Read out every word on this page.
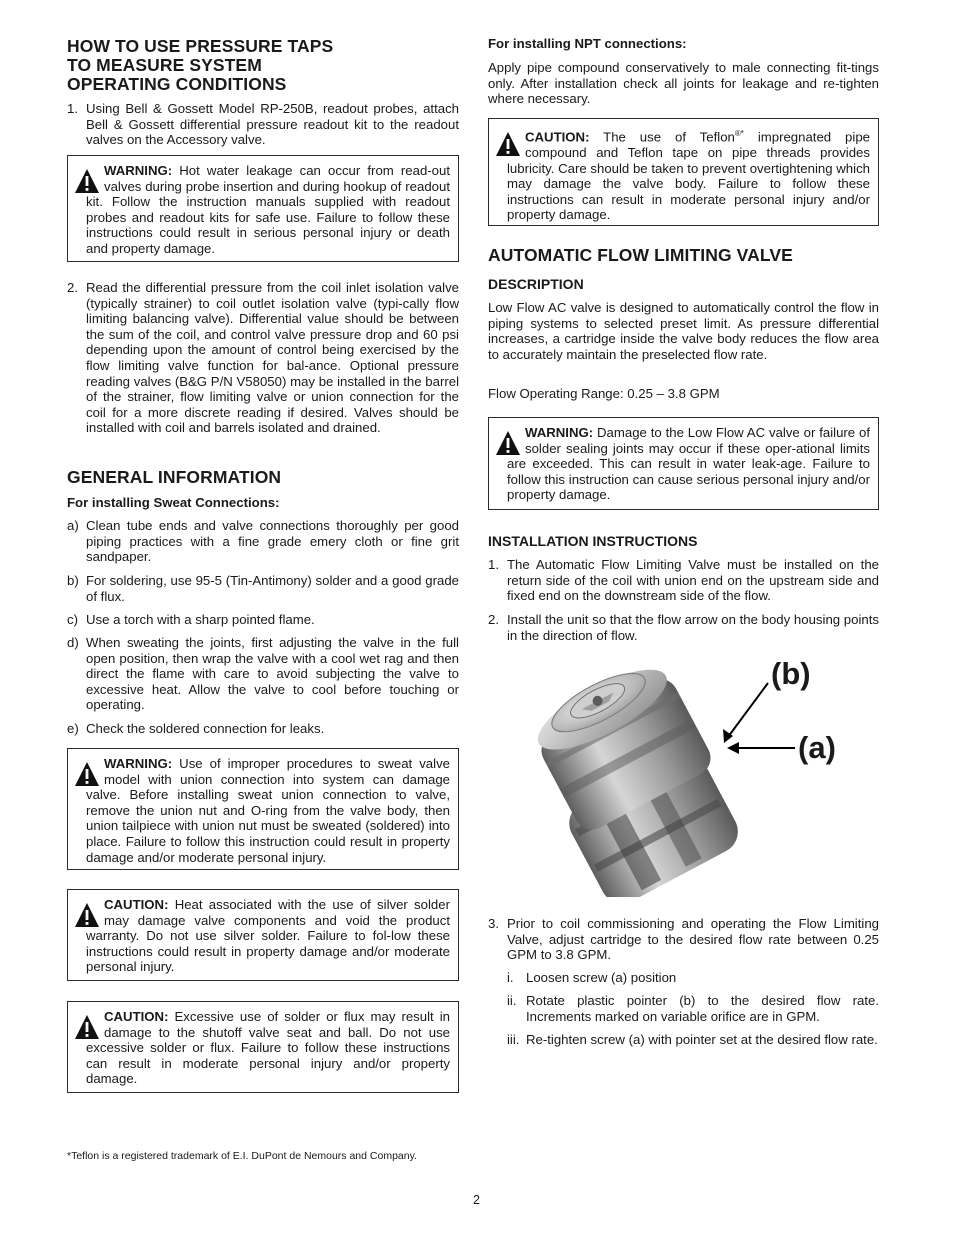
HOW TO USE PRESSURE TAPS
TO MEASURE SYSTEM
OPERATING CONDITIONS
1. Using Bell & Gossett Model RP-250B, readout probes, attach Bell & Gossett differential pressure readout kit to the readout valves on the Accessory valve.
WARNING: Hot water leakage can occur from read-out valves during probe insertion and during hookup of readout kit. Follow the instruction manuals supplied with readout probes and readout kits for safe use. Failure to follow these instructions could result in serious personal injury or death and property damage.
2. Read the differential pressure from the coil inlet isolation valve (typically strainer) to coil outlet isolation valve (typi-cally flow limiting balancing valve). Differential value should be between the sum of the coil, and control valve pressure drop and 60 psi depending upon the amount of control being exercised by the flow limiting valve function for bal-ance. Optional pressure reading valves (B&G P/N V58050) may be installed in the barrel of the strainer, flow limiting valve or union connection for the coil for a more discrete reading if desired. Valves should be installed with coil and barrels isolated and drained.
GENERAL INFORMATION
For installing Sweat Connections:
a) Clean tube ends and valve connections thoroughly per good piping practices with a fine grade emery cloth or fine grit sandpaper.
b) For soldering, use 95-5 (Tin-Antimony) solder and a good grade of flux.
c) Use a torch with a sharp pointed flame.
d) When sweating the joints, first adjusting the valve in the full open position, then wrap the valve with a cool wet rag and then direct the flame with care to avoid subjecting the valve to excessive heat. Allow the valve to cool before touching or operating.
e) Check the soldered connection for leaks.
WARNING: Use of improper procedures to sweat valve model with union connection into system can damage valve. Before installing sweat union connection to valve, remove the union nut and O-ring from the valve body, then union tailpiece with union nut must be sweated (soldered) into place. Failure to follow this instruction could result in property damage and/or moderate personal injury.
CAUTION: Heat associated with the use of silver solder may damage valve components and void the product warranty. Do not use silver solder. Failure to fol-low these instructions could result in property damage and/or moderate personal injury.
CAUTION: Excessive use of solder or flux may result in damage to the shutoff valve seat and ball. Do not use excessive solder or flux. Failure to follow these instructions can result in moderate personal injury and/or property damage.
*Teflon is a registered trademark of E.I. DuPont de Nemours and Company.
For installing NPT connections:
Apply pipe compound conservatively to male connecting fit-tings only. After installation check all joints for leakage and re-tighten where necessary.
CAUTION: The use of Teflon®* impregnated pipe compound and Teflon tape on pipe threads provides lubricity. Care should be taken to prevent overtightening which may damage the valve body. Failure to follow these instructions can result in moderate personal injury and/or property damage.
AUTOMATIC FLOW LIMITING VALVE
DESCRIPTION
Low Flow AC valve is designed to automatically control the flow in piping systems to selected preset limit. As pressure differential increases, a cartridge inside the valve body reduces the flow area to accurately maintain the preselected flow rate.
Flow Operating Range: 0.25 – 3.8 GPM
WARNING: Damage to the Low Flow AC valve or failure of solder sealing joints may occur if these oper-ational limits are exceeded. This can result in water leak-age. Failure to follow this instruction can cause serious personal injury and/or property damage.
INSTALLATION INSTRUCTIONS
1. The Automatic Flow Limiting Valve must be installed on the return side of the coil with union end on the upstream side and fixed end on the downstream side of the flow.
2. Install the unit so that the flow arrow on the body housing points in the direction of flow.
3. Prior to coil commissioning and operating the Flow Limiting Valve, adjust cartridge to the desired flow rate between 0.25 GPM to 3.8 GPM.
i. Loosen screw (a) position
ii. Rotate plastic pointer (b) to the desired flow rate. Increments marked on variable orifice are in GPM.
iii. Re-tighten screw (a) with pointer set at the desired flow rate.
(b)
(a)
2
